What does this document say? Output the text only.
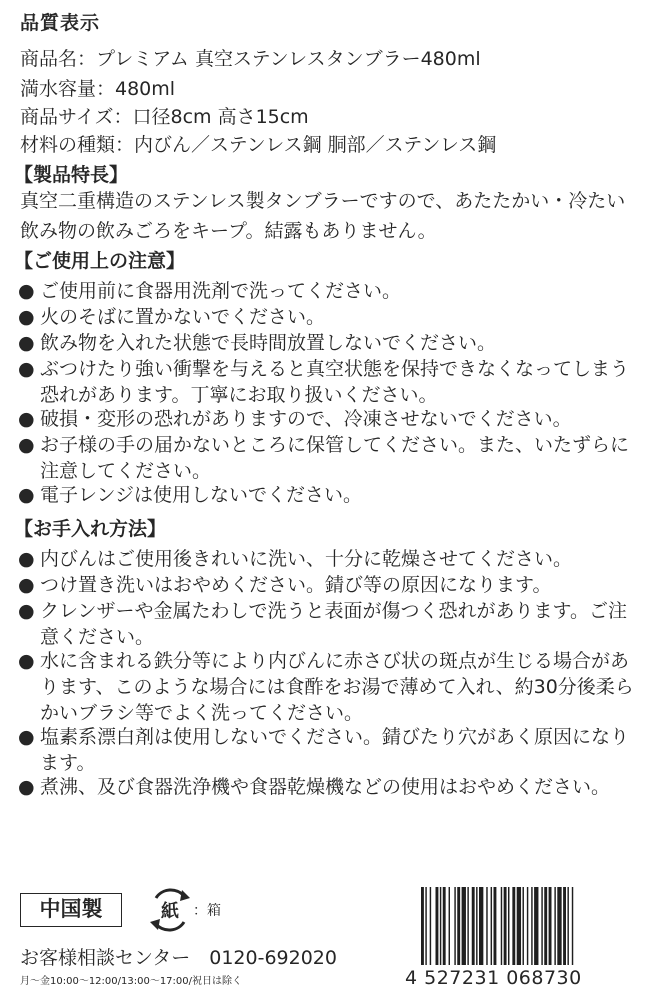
品質表示
商品名：プレミアム 真空ステンレスタンブラー480ml
満水容量：480ml
商品サイズ：口径8cm 高さ15cm
材料の種類：内びん／ステンレス鋼 胴部／ステンレス鋼
【製品特長】
真空二重構造のステンレス製タンブラーですので、あたたかい・冷たい飲み物の飲みごろをキープ。結露もありません。
【ご使用上の注意】
● ご使用前に食器用洗剤で洗ってください。
● 火のそばに置かないでください。
● 飲み物を入れた状態で長時間放置しないでください。
● ぶつけたり強い衝撃を与えると真空状態を保持できなくなってしまう恐れがあります。丁寧にお取り扱いください。
● 破損・変形の恐れがありますので、冷凍させないでください。
● お子様の手の届かないところに保管してください。また、いたずらに注意してください。
● 電子レンジは使用しないでください。
【お手入れ方法】
● 内びんはご使用後きれいに洗い、十分に乾燥させてください。
● つけ置き洗いはおやめください。錆び等の原因になります。
● クレンザーや金属たわしで洗うと表面が傷つく恐れがあります。ご注意ください。
● 水に含まれる鉄分等により内びんに赤さび状の斑点が生じる場合があります、このような場合には食酢をお湯で薄めて入れ、約30分後柔らかいブラシ等でよく洗ってください。
● 塩素系漂白剤は使用しないでください。錆びたり穴があく原因になります。
● 煮沸、及び食器洗浄機や食器乾燥機などの使用はおやめください。
中国製	紙 ：箱
お客様相談センター　0120-692020
月〜金10:00〜12:00/13:00〜17:00/祝日は除く	4 527231 068730
